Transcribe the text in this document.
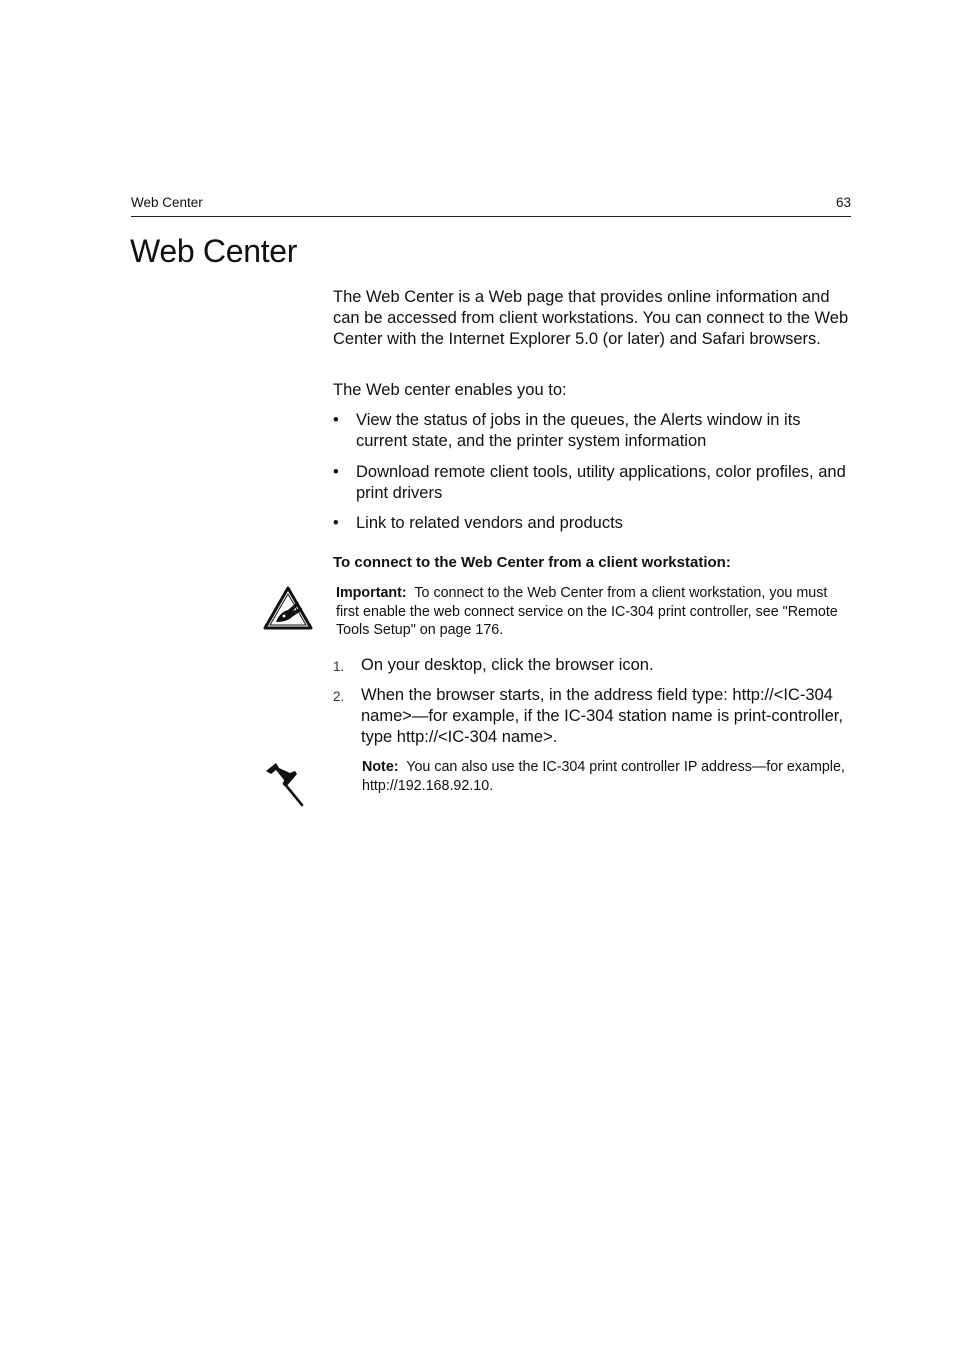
Web Center	63
Web Center

The Web Center is a Web page that provides online information and can be accessed from client workstations. You can connect to the Web Center with the Internet Explorer 5.0 (or later) and Safari browsers.

The Web center enables you to:

• View the status of jobs in the queues, the Alerts window in its current state, and the printer system information
• Download remote client tools, utility applications, color profiles, and print drivers
• Link to related vendors and products
To connect to the Web Center from a client workstation:
Important: To connect to the Web Center from a client workstation, you must first enable the web connect service on the IC-304 print controller, see "Remote Tools Setup" on page 176.
1. On your desktop, click the browser icon.
2. When the browser starts, in the address field type: http://<IC-304 name>—for example, if the IC-304 station name is print-controller, type http://<IC-304 name>.
Note: You can also use the IC-304 print controller IP address—for example, http://192.168.92.10.
